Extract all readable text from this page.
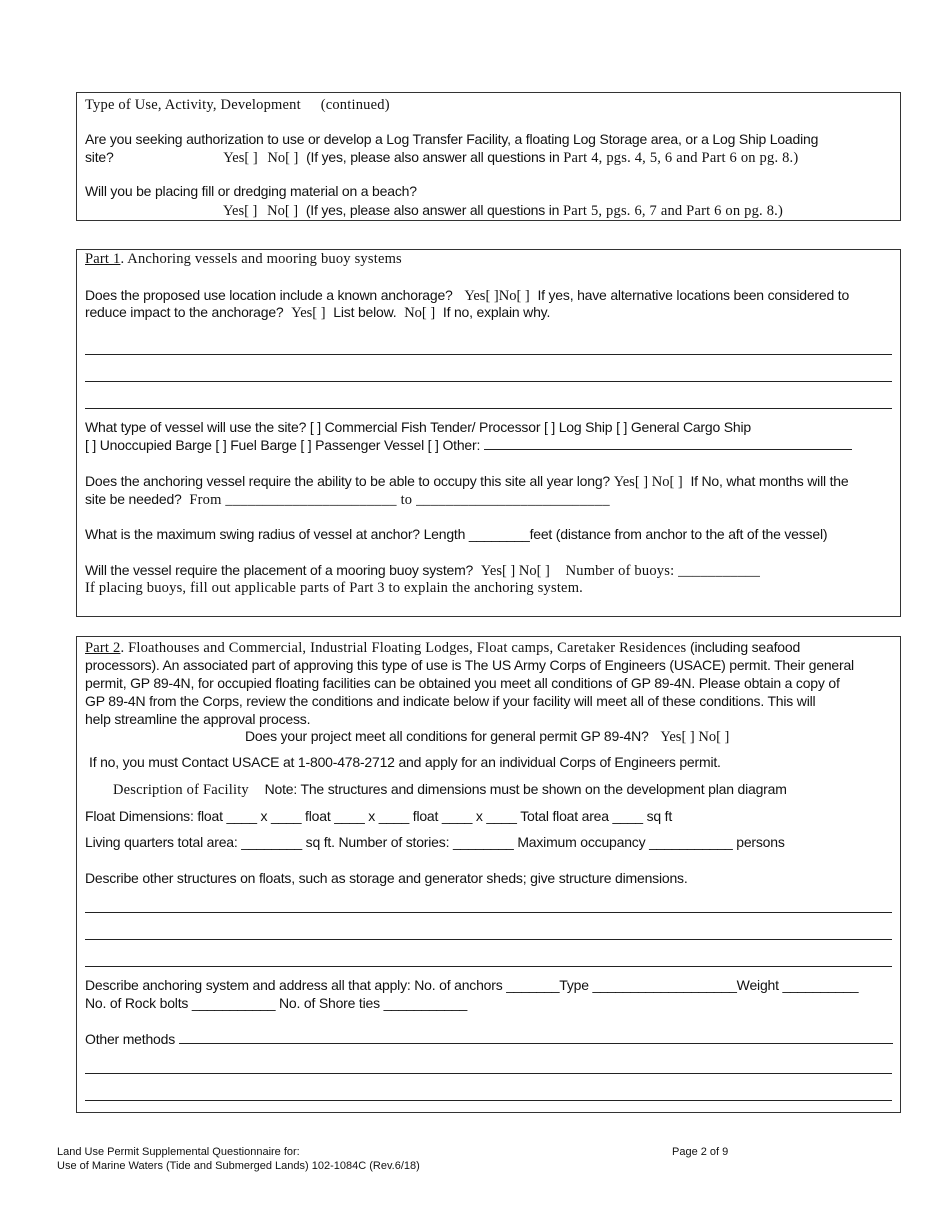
Type of Use, Activity, Development (continued)
Are you seeking authorization to use or develop a Log Transfer Facility, a floating Log Storage area, or a Log Ship Loading
site?	Yes[ ] No[ ] (If yes, please also answer all questions in Part 4, pgs. 4, 5, 6 and Part 6 on pg. 8.)
Will you be placing fill or dredging material on a beach?
Yes[ ] No[ ] (If yes, please also answer all questions in Part 5, pgs. 6, 7 and Part 6 on pg. 8.)
Part 1. Anchoring vessels and mooring buoy systems
Does the proposed use location include a known anchorage? Yes[ ]No[ ] If yes, have alternative locations been considered to
reduce impact to the anchorage? Yes[ ] List below. No[ ] If no, explain why.
What type of vessel will use the site? [ ] Commercial Fish Tender/ Processor [ ] Log Ship [ ] General Cargo Ship
[ ] Unoccupied Barge [ ] Fuel Barge [ ] Passenger Vessel [ ] Other:
Does the anchoring vessel require the ability to be able to occupy this site all year long? Yes[ ] No[ ] If No, what months will the
site be needed? From _______________________ to __________________________
What is the maximum swing radius of vessel at anchor? Length ________feet (distance from anchor to the aft of the vessel)
Will the vessel require the placement of a mooring buoy system? Yes[ ] No[ ] Number of buoys: ___________
If placing buoys, fill out applicable parts of Part 3 to explain the anchoring system.
Part 2. Floathouses and Commercial, Industrial Floating Lodges, Float camps, Caretaker Residences (including seafood
processors). An associated part of approving this type of use is The US Army Corps of Engineers (USACE) permit. Their general
permit, GP 89-4N, for occupied floating facilities can be obtained you meet all conditions of GP 89-4N. Please obtain a copy of
GP 89-4N from the Corps, review the conditions and indicate below if your facility will meet all of these conditions. This will
help streamline the approval process.
Does your project meet all conditions for general permit GP 89-4N? Yes[ ] No[ ]
If no, you must Contact USACE at 1-800-478-2712 and apply for an individual Corps of Engineers permit.
Description of Facility Note: The structures and dimensions must be shown on the development plan diagram
Float Dimensions: float ____ x ____ float ____ x ____ float ____ x ____ Total float area ____ sq ft
Living quarters total area: ________ sq ft. Number of stories: ________ Maximum occupancy ___________ persons
Describe other structures on floats, such as storage and generator sheds; give structure dimensions.
Describe anchoring system and address all that apply: No. of anchors _______Type ___________________Weight __________
No. of Rock bolts ___________ No. of Shore ties ___________
Other methods
Land Use Permit Supplemental Questionnaire for:
Use of Marine Waters (Tide and Submerged Lands) 102-1084C (Rev.6/18)
Page 2 of 9
